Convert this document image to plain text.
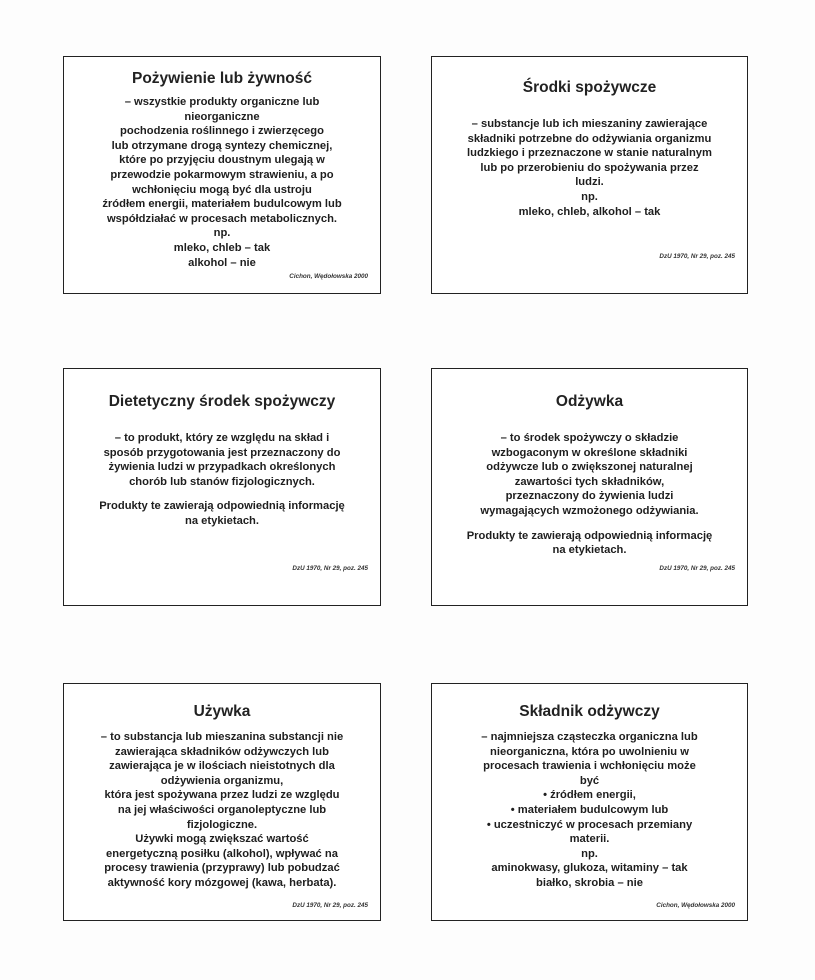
Pożywienie lub żywność
– wszystkie produkty organiczne lub
nieorganiczne
pochodzenia roślinnego i zwierzęcego
lub otrzymane drogą syntezy chemicznej,
które po przyjęciu doustnym ulegają w
przewodzie pokarmowym strawieniu, a po
wchłonięciu mogą być dla ustroju
źródłem energii, materiałem budulcowym lub
współdziałać w procesach metabolicznych.
np.
mleko, chleb – tak
alkohol – nie
Cichon, Wędołowska 2000
Środki spożywcze
– substancje lub ich mieszaniny zawierające
składniki potrzebne do odżywiania organizmu
ludzkiego i przeznaczone w stanie naturalnym
lub po przerobieniu do spożywania przez
ludzi.
np.
mleko, chleb, alkohol – tak
DzU 1970, Nr 29, poz. 245
Dietetyczny środek spożywczy
– to produkt, który ze względu na skład i
sposób przygotowania jest przeznaczony do
żywienia ludzi w przypadkach określonych
chorób lub stanów fizjologicznych.
Produkty te zawierają odpowiednią informację
na etykietach.
DzU 1970, Nr 29, poz. 245
Odżywka
– to środek spożywczy o składzie
wzbogaconym w określone składniki
odżywcze lub o zwiększonej naturalnej
zawartości tych składników,
przeznaczony do żywienia ludzi
wymagających wzmożonego odżywiania.
Produkty te zawierają odpowiednią informację
na etykietach.
DzU 1970, Nr 29, poz. 245
Używka
– to substancja lub mieszanina substancji nie
zawierająca składników odżywczych lub
zawierająca je w ilościach nieistotnych dla
odżywienia organizmu,
która jest spożywana przez ludzi ze względu
na jej właściwości organoleptyczne lub
fizjologiczne.
Używki mogą zwiększać wartość
energetyczną posiłku (alkohol), wpływać na
procesy trawienia (przyprawy) lub pobudzać
aktywność kory mózgowej (kawa, herbata).
DzU 1970, Nr 29, poz. 245
Składnik odżywczy
– najmniejsza cząsteczka organiczna lub
nieorganiczna, która po uwolnieniu w
procesach trawienia i wchłonięciu może
być
• źródłem energii,
• materiałem budulcowym lub
• uczestniczyć w procesach przemiany
materii.
np.
aminokwasy, glukoza, witaminy – tak
białko, skrobia – nie
Cichon, Wędołowska 2000
